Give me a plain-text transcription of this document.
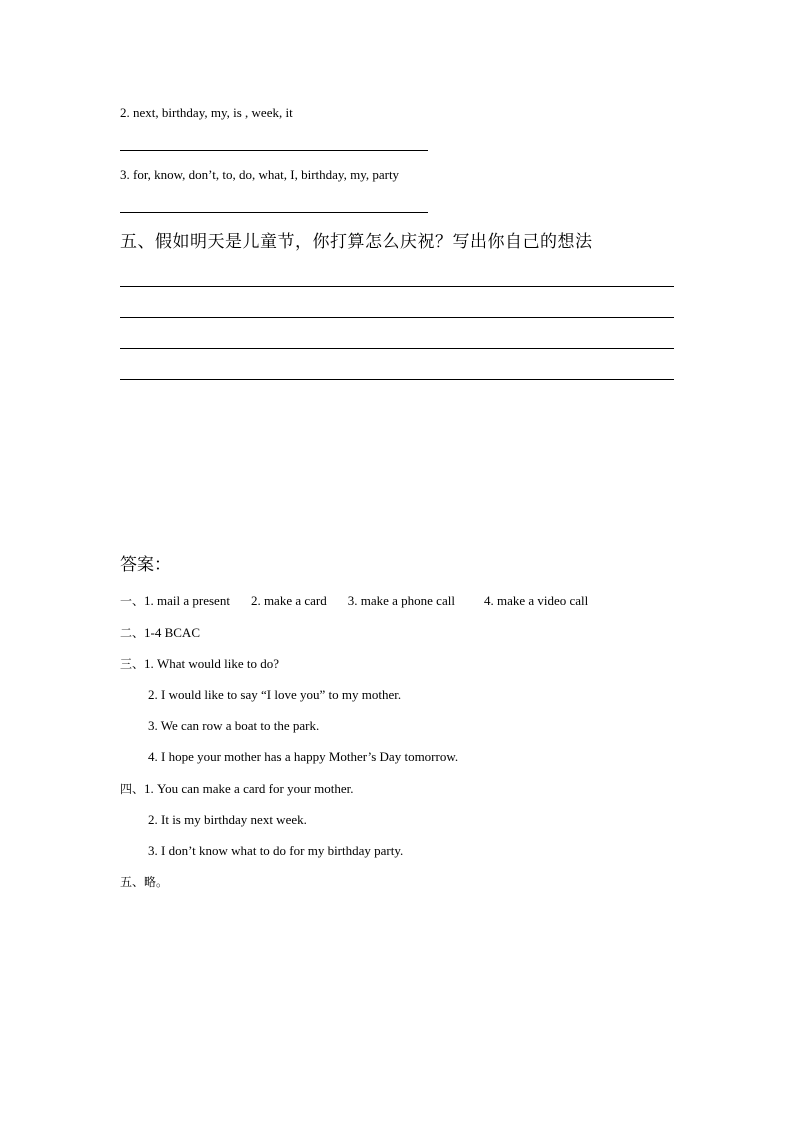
2. next, birthday, my, is , week, it
3. for, know, don’t, to, do, what, I, birthday, my, party
五、假如明天是儿童节，你打算怎么庆祝？写出你自己的想法
答案：
一、1. mail a present 2. make a card 3. make a phone call 4. make a video call
二、1-4 BCAC
三、1. What would like to do?
2. I would like to say “I love you” to my mother.
3. We can row a boat to the park.
4. I hope your mother has a happy Mother’s Day tomorrow.
四、1. You can make a card for your mother.
2. It is my birthday next week.
3. I don’t know what to do for my birthday party.
五、略。
